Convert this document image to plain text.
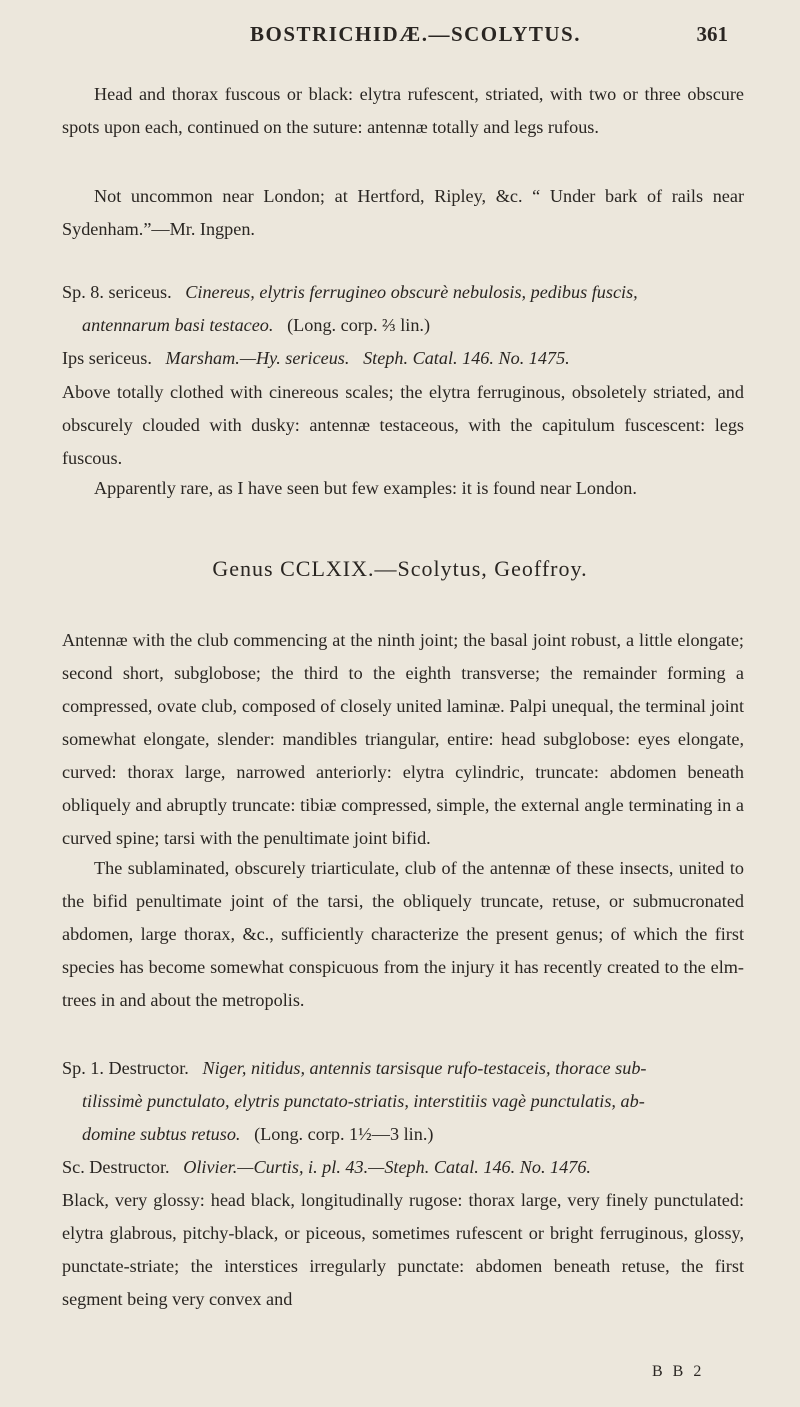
BOSTRICHIDÆ.—SCOLYTUS.	361

Head and thorax fuscous or black: elytra rufescent, striated, with two or three obscure spots upon each, continued on the suture: antennæ totally and legs rufous.

Not uncommon near London; at Hertford, Ripley, &c. “ Under bark of rails near Sydenham.”—Mr. Ingpen.

Sp. 8. sericeus. Cinereus, elytris ferrugineo obscurè nebulosis, pedibus fuscis,
antennarum basi testaceo. (Long. corp. ⅔ lin.)
Ips sericeus. Marsham.—Hy. sericeus. Steph. Catal. 146. No. 1475.

Above totally clothed with cinereous scales; the elytra ferruginous, obsoletely striated, and obscurely clouded with dusky: antennæ testaceous, with the capitulum fuscescent: legs fuscous.

Apparently rare, as I have seen but few examples: it is found near London.

Genus CCLXIX.—Scolytus, Geoffroy.

Antennæ with the club commencing at the ninth joint; the basal joint robust, a little elongate; second short, subglobose; the third to the eighth transverse; the remainder forming a compressed, ovate club, composed of closely united laminæ. Palpi unequal, the terminal joint somewhat elongate, slender: mandibles triangular, entire: head subglobose: eyes elongate, curved: thorax large, narrowed anteriorly: elytra cylindric, truncate: abdomen beneath obliquely and abruptly truncate: tibiæ compressed, simple, the external angle terminating in a curved spine; tarsi with the penultimate joint bifid.

The sublaminated, obscurely triarticulate, club of the antennæ of these insects, united to the bifid penultimate joint of the tarsi, the obliquely truncate, retuse, or submucronated abdomen, large thorax, &c., sufficiently characterize the present genus; of which the first species has become somewhat conspicuous from the injury it has recently created to the elm-trees in and about the metropolis.

Sp. 1. Destructor. Niger, nitidus, antennis tarsisque rufo-testaceis, thorace sub-
tilissimè punctulato, elytris punctato-striatis, interstitiis vagè punctulatis, ab-
domine subtus retuso. (Long. corp. 1½—3 lin.)
Sc. Destructor. Olivier.—Curtis, i. pl. 43.—Steph. Catal. 146. No. 1476.

Black, very glossy: head black, longitudinally rugose: thorax large, very finely punctulated: elytra glabrous, pitchy-black, or piceous, sometimes rufescent or bright ferruginous, glossy, punctate-striate; the interstices irregularly punctate: abdomen beneath retuse, the first segment being very convex and

B B 2
